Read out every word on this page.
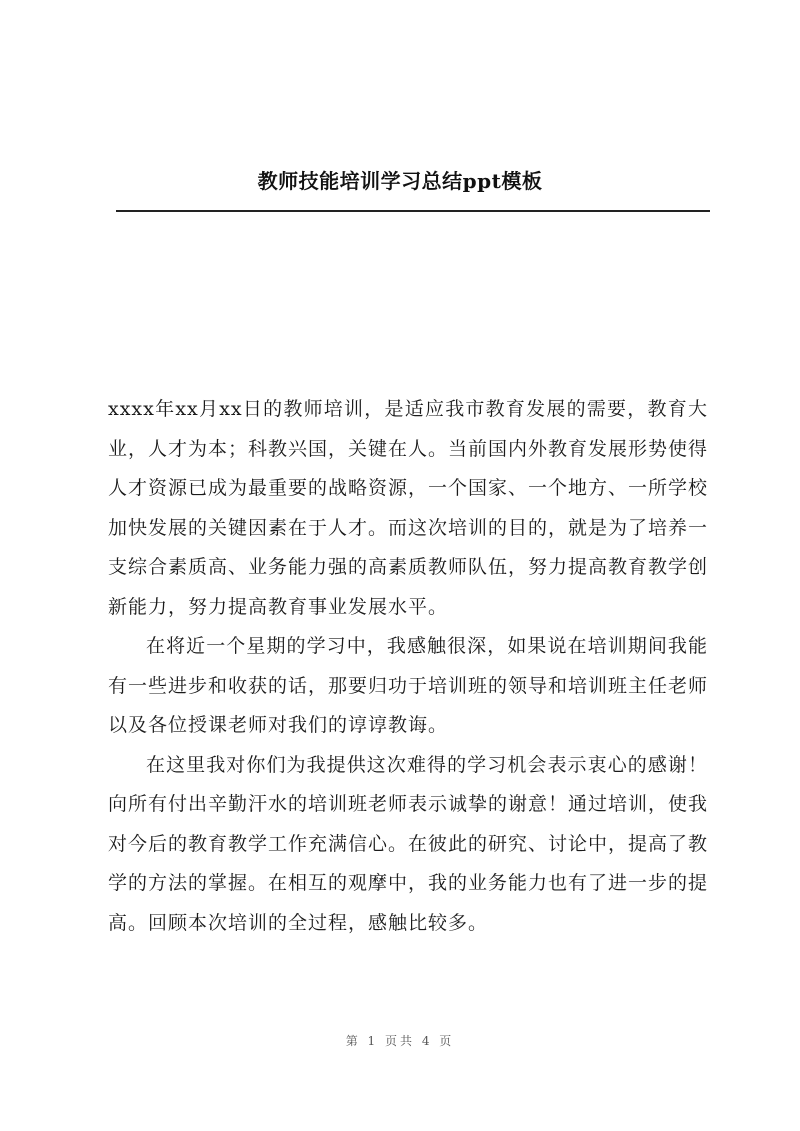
教师技能培训学习总结ppt模板

xxxx年xx月xx日的教师培训，是适应我市教育发展的需要，教育大业，人才为本；科教兴国，关键在人。当前国内外教育发展形势使得人才资源已成为最重要的战略资源，一个国家、一个地方、一所学校加快发展的关键因素在于人才。而这次培训的目的，就是为了培养一支综合素质高、业务能力强的高素质教师队伍，努力提高教育教学创新能力，努力提高教育事业发展水平。

在将近一个星期的学习中，我感触很深，如果说在培训期间我能有一些进步和收获的话，那要归功于培训班的领导和培训班主任老师以及各位授课老师对我们的谆谆教诲。

在这里我对你们为我提供这次难得的学习机会表示衷心的感谢！向所有付出辛勤汗水的培训班老师表示诚挚的谢意！通过培训，使我对今后的教育教学工作充满信心。在彼此的研究、讨论中，提高了教学的方法的掌握。在相互的观摩中，我的业务能力也有了进一步的提高。回顾本次培训的全过程，感触比较多。

第 1 页共 4 页
